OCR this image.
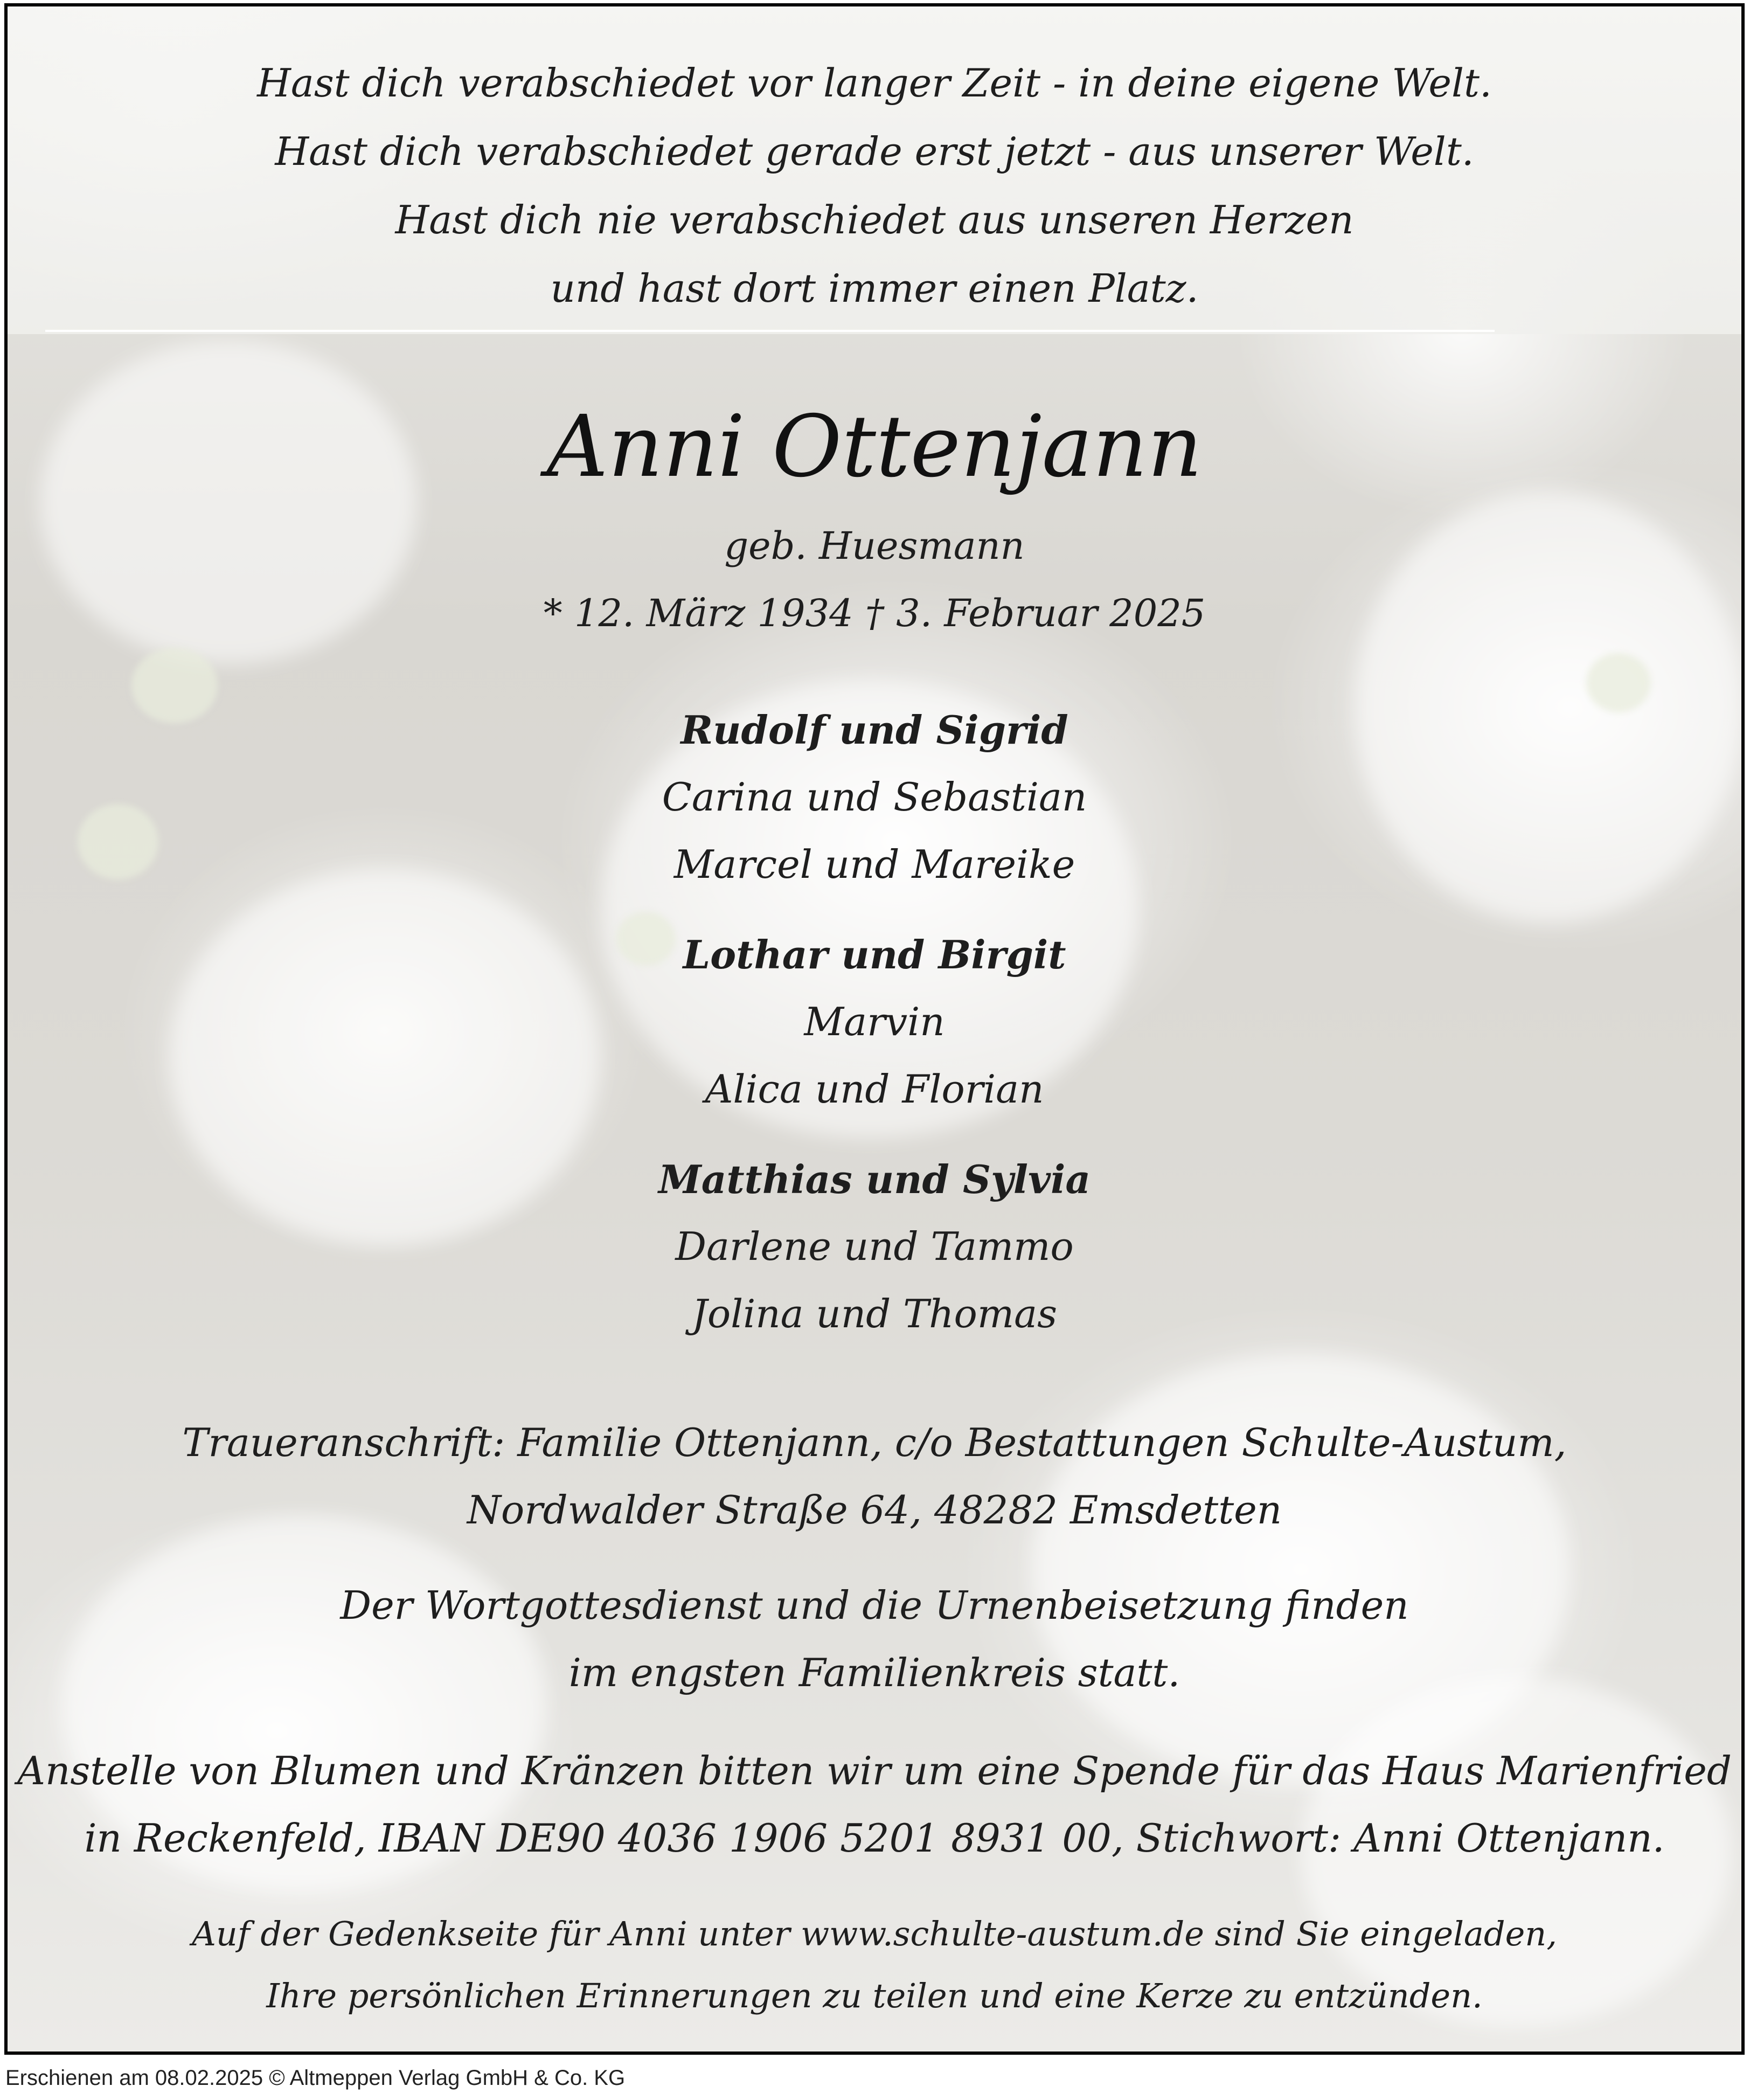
Hast dich verabschiedet vor langer Zeit - in deine eigene Welt.
Hast dich verabschiedet gerade erst jetzt - aus unserer Welt.
Hast dich nie verabschiedet aus unseren Herzen
und hast dort immer einen Platz.
Anni Ottenjann
geb. Huesmann
* 12. März 1934 † 3. Februar 2025
Rudolf und Sigrid
Carina und Sebastian
Marcel und Mareike
Lothar und Birgit
Marvin
Alica und Florian
Matthias und Sylvia
Darlene und Tammo
Jolina und Thomas
Traueranschrift: Familie Ottenjann, c/o Bestattungen Schulte-Austum,
Nordwalder Straße 64, 48282 Emsdetten
Der Wortgottesdienst und die Urnenbeisetzung finden
im engsten Familienkreis statt.
Anstelle von Blumen und Kränzen bitten wir um eine Spende für das Haus Marienfried
in Reckenfeld, IBAN DE90 4036 1906 5201 8931 00, Stichwort: Anni Ottenjann.
Auf der Gedenkseite für Anni unter www.schulte-austum.de sind Sie eingeladen,
Ihre persönlichen Erinnerungen zu teilen und eine Kerze zu entzünden.
Erschienen am 08.02.2025 © Altmeppen Verlag GmbH & Co. KG
